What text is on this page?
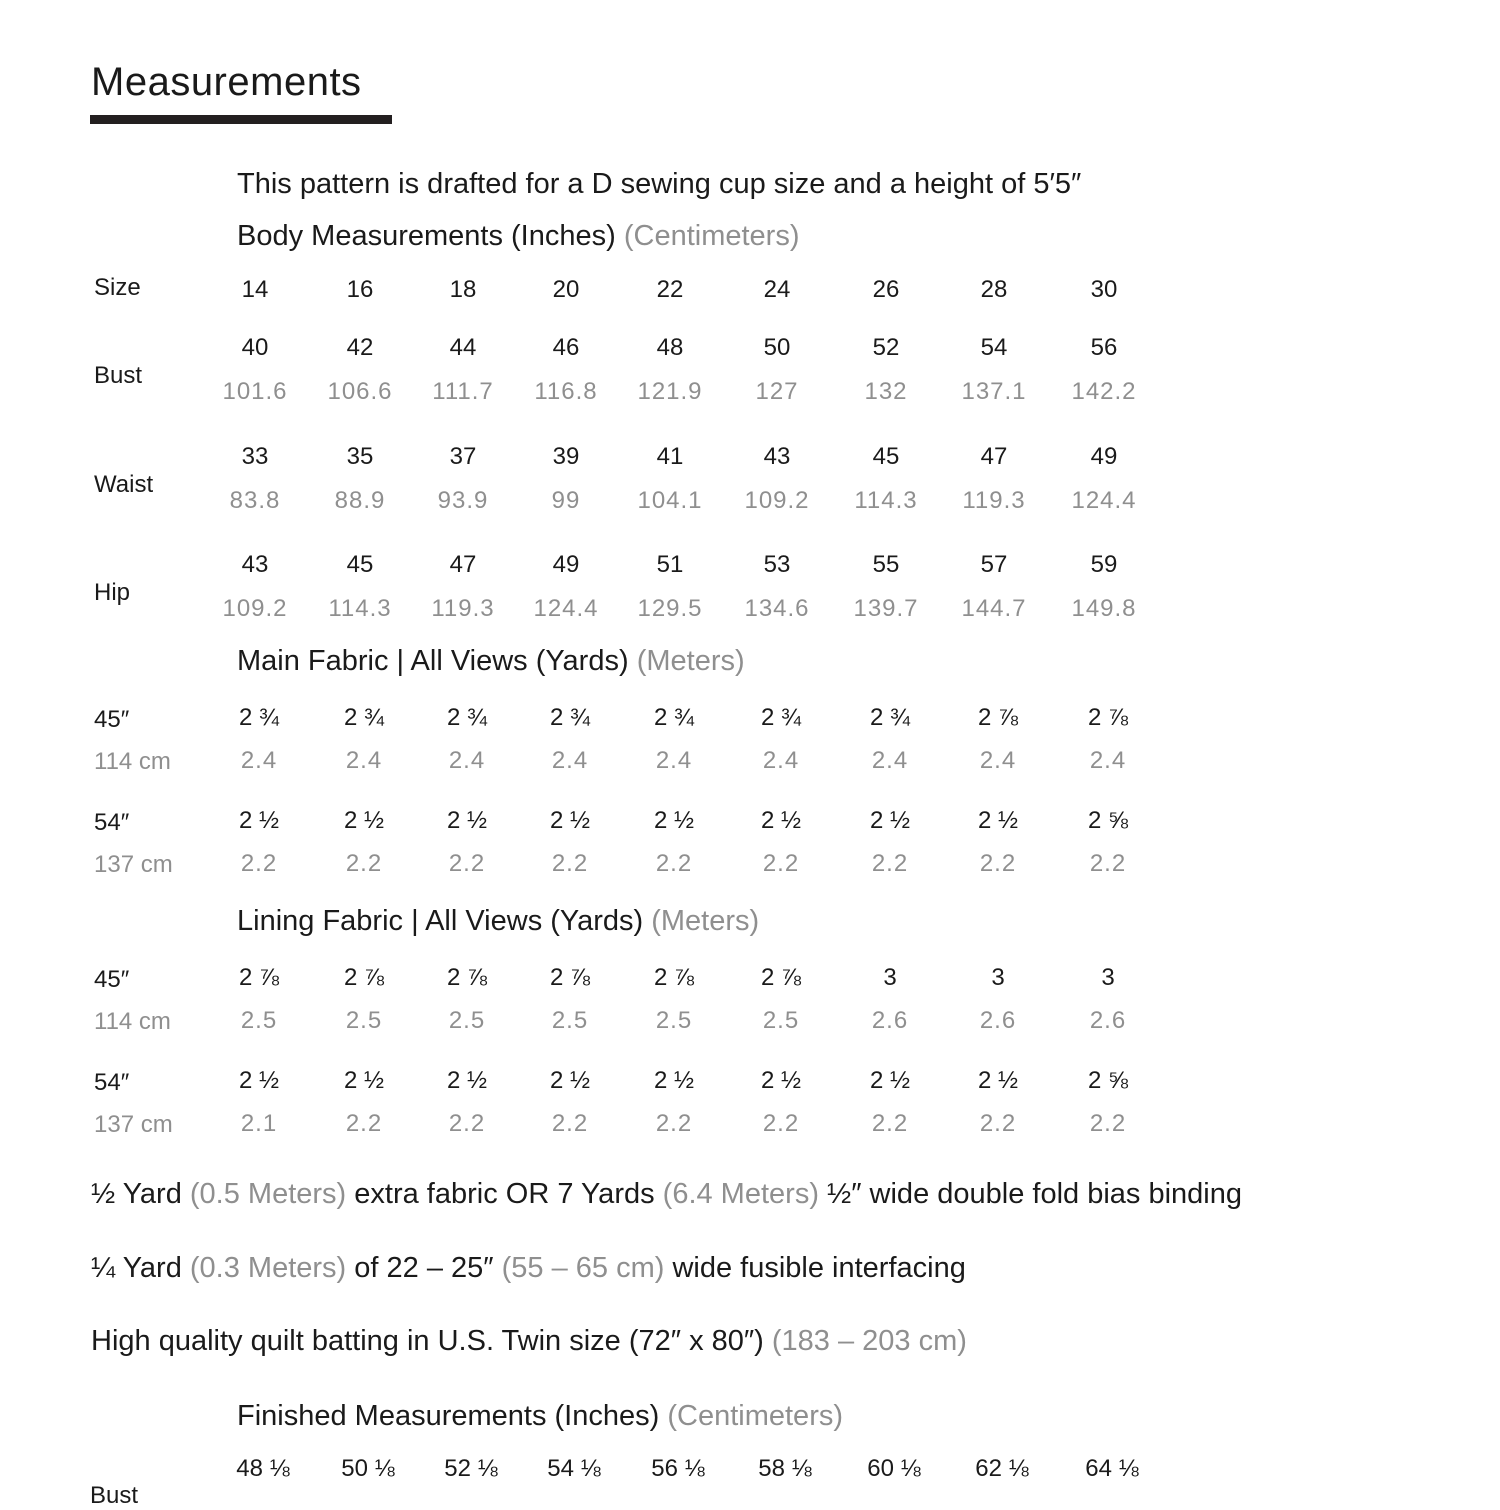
Measurements
This pattern is drafted for a D sewing cup size and a height of 5′5″
Body Measurements (Inches) (Centimeters)
Size	14	16	18	20	22	24	26	28	30
Bust
40	42	44	46	48	50	52	54	56
101.6	106.6	111.7	116.8	121.9	127	132	137.1	142.2
Waist
33	35	37	39	41	43	45	47	49
83.8	88.9	93.9	99	104.1	109.2	114.3	119.3	124.4
Hip
43	45	47	49	51	53	55	57	59
109.2	114.3	119.3	124.4	129.5	134.6	139.7	144.7	149.8
45″
114 cm
2 ¾	2 ¾	2 ¾	2 ¾	2 ¾	2 ¾	2 ¾	2 ⅞	2 ⅞
2.4	2.4	2.4	2.4	2.4	2.4	2.4	2.4	2.4
54″
137 cm
2 ½	2 ½	2 ½	2 ½	2 ½	2 ½	2 ½	2 ½	2 ⅝
2.2	2.2	2.2	2.2	2.2	2.2	2.2	2.2	2.2
45″
114 cm
2 ⅞	2 ⅞	2 ⅞	2 ⅞	2 ⅞	2 ⅞	3	3	3
2.5	2.5	2.5	2.5	2.5	2.5	2.6	2.6	2.6
54″
137 cm
2 ½	2 ½	2 ½	2 ½	2 ½	2 ½	2 ½	2 ½	2 ⅝
2.1	2.2	2.2	2.2	2.2	2.2	2.2	2.2	2.2
Bust
48 ⅛	50 ⅛	52 ⅛	54 ⅛	56 ⅛	58 ⅛	60 ⅛	62 ⅛	64 ⅛
Main Fabric | All Views (Yards) (Meters)
Lining Fabric | All Views (Yards) (Meters)
½ Yard (0.5 Meters) extra fabric OR 7 Yards (6.4 Meters) ½″ wide double fold bias binding
¼ Yard (0.3 Meters) of 22 – 25″ (55 – 65 cm) wide fusible interfacing
High quality quilt batting in U.S. Twin size (72″ x 80″) (183 – 203 cm)
Finished Measurements (Inches) (Centimeters)
